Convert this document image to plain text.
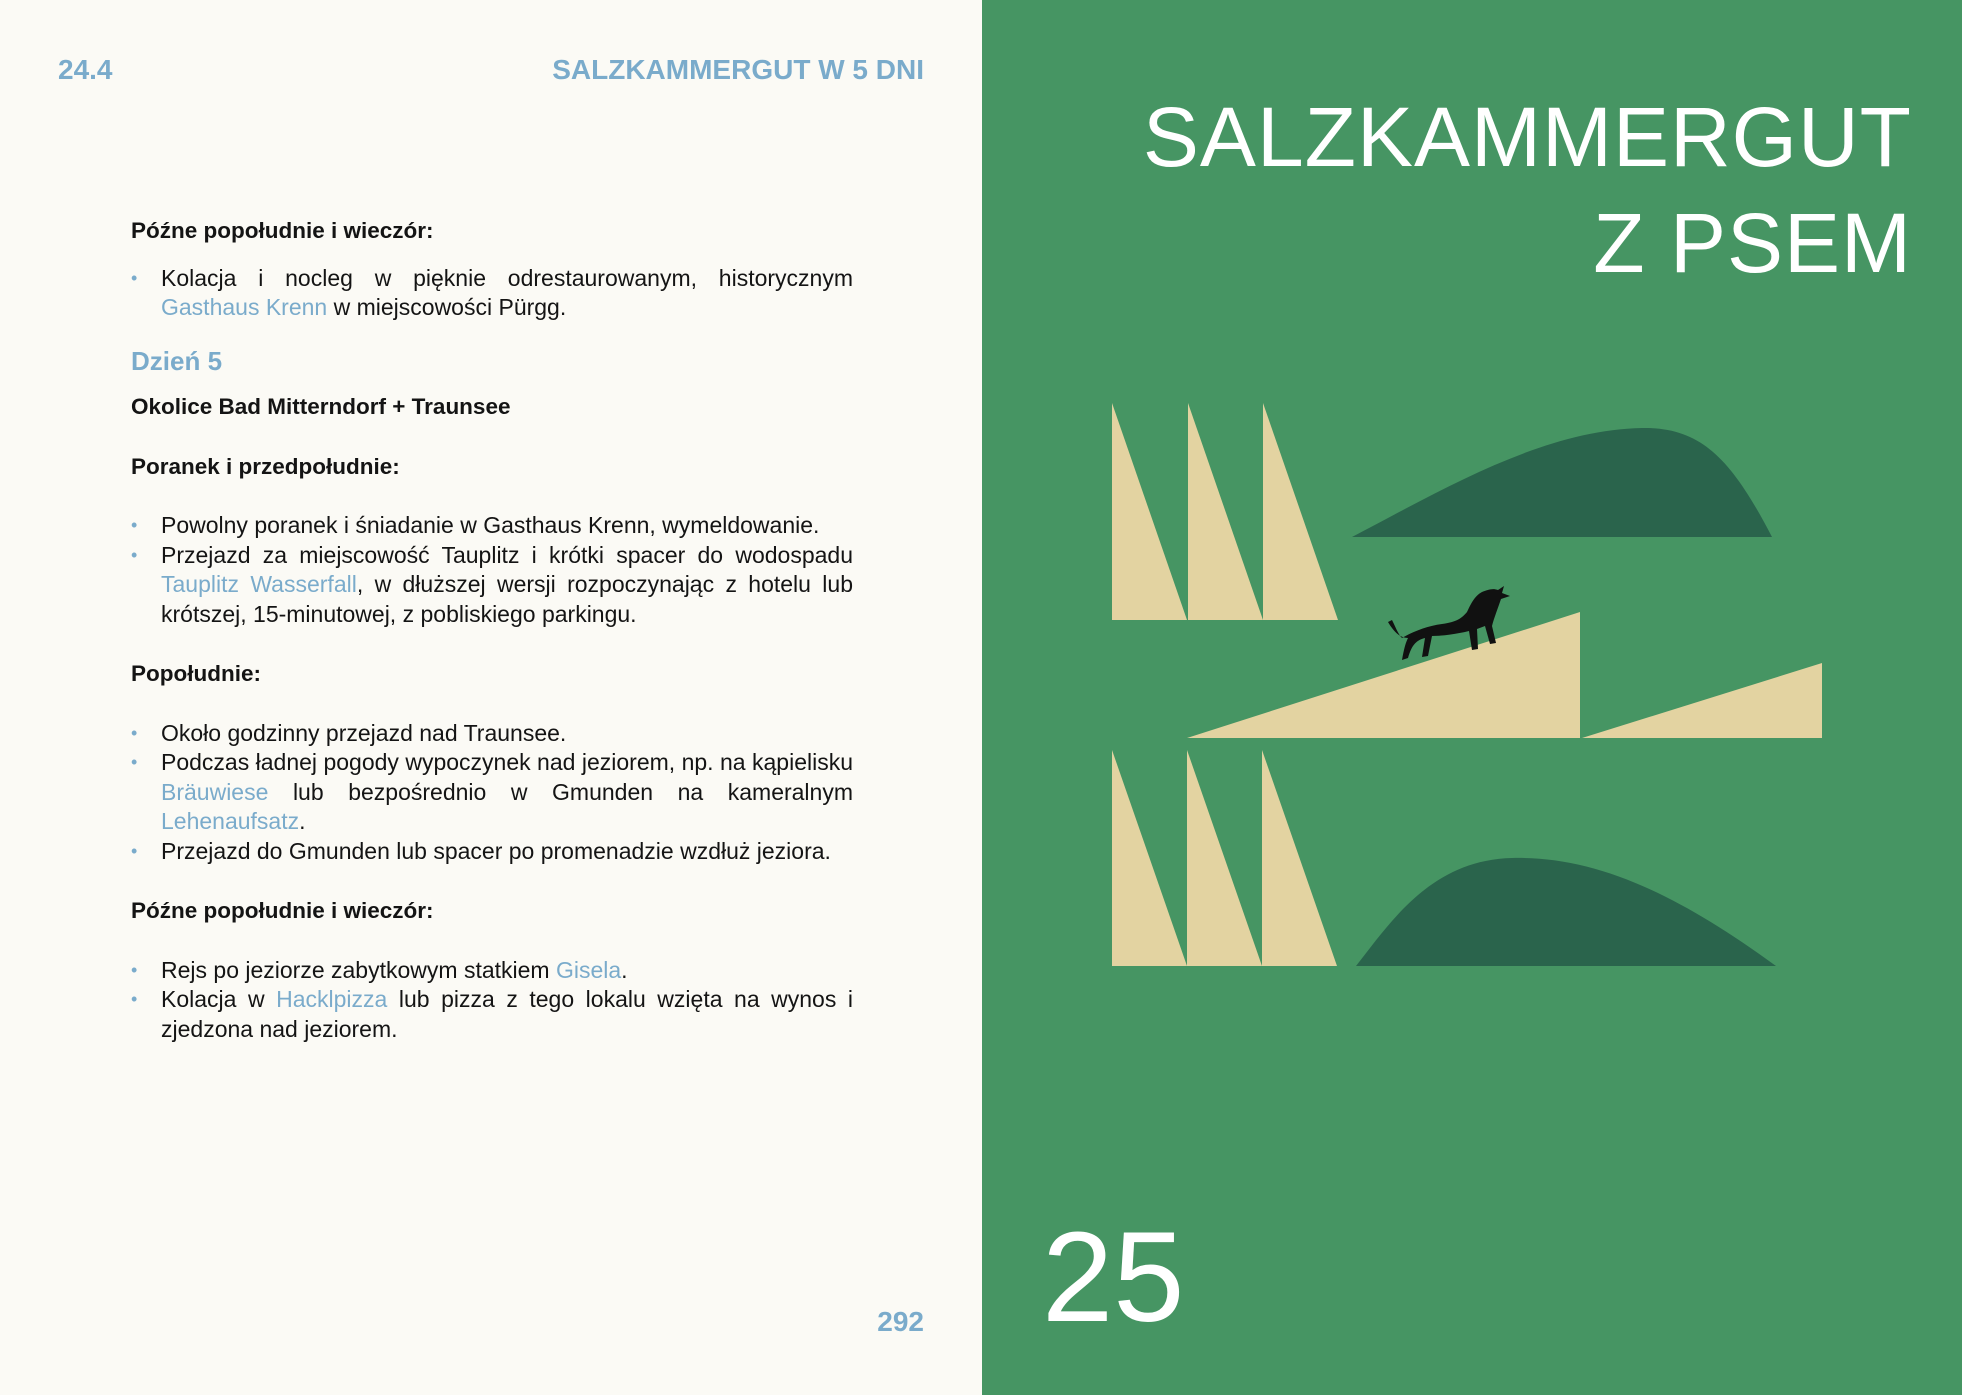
24.4	SALZKAMMERGUT W 5 DNI

Późne popołudnie i wieczór:

• Kolacja i nocleg w pięknie odrestaurowanym, historycznym Gasthaus Krenn w miejscowości Pürgg.

Dzień 5

Okolice Bad Mitterndorf + Traunsee

Poranek i przedpołudnie:

• Powolny poranek i śniadanie w Gasthaus Krenn, wymeldowanie.
• Przejazd za miejscowość Tauplitz i krótki spacer do wodospadu Tauplitz Wasserfall, w dłuższej wersji rozpoczynając z hotelu lub krótszej, 15-minutowej, z pobliskiego parkingu.

Popołudnie:

• Około godzinny przejazd nad Traunsee.
• Podczas ładnej pogody wypoczynek nad jeziorem, np. na kąpielisku Bräuwiese lub bezpośrednio w Gmunden na kameralnym Lehenaufsatz.
• Przejazd do Gmunden lub spacer po promenadzie wzdłuż jeziora.

Późne popołudnie i wieczór:

• Rejs po jeziorze zabytkowym statkiem Gisela.
• Kolacja w Hacklpizza lub pizza z tego lokalu wzięta na wynos i zjedzona nad jeziorem.
292
SALZKAMMERGUT
Z PSEM
25
